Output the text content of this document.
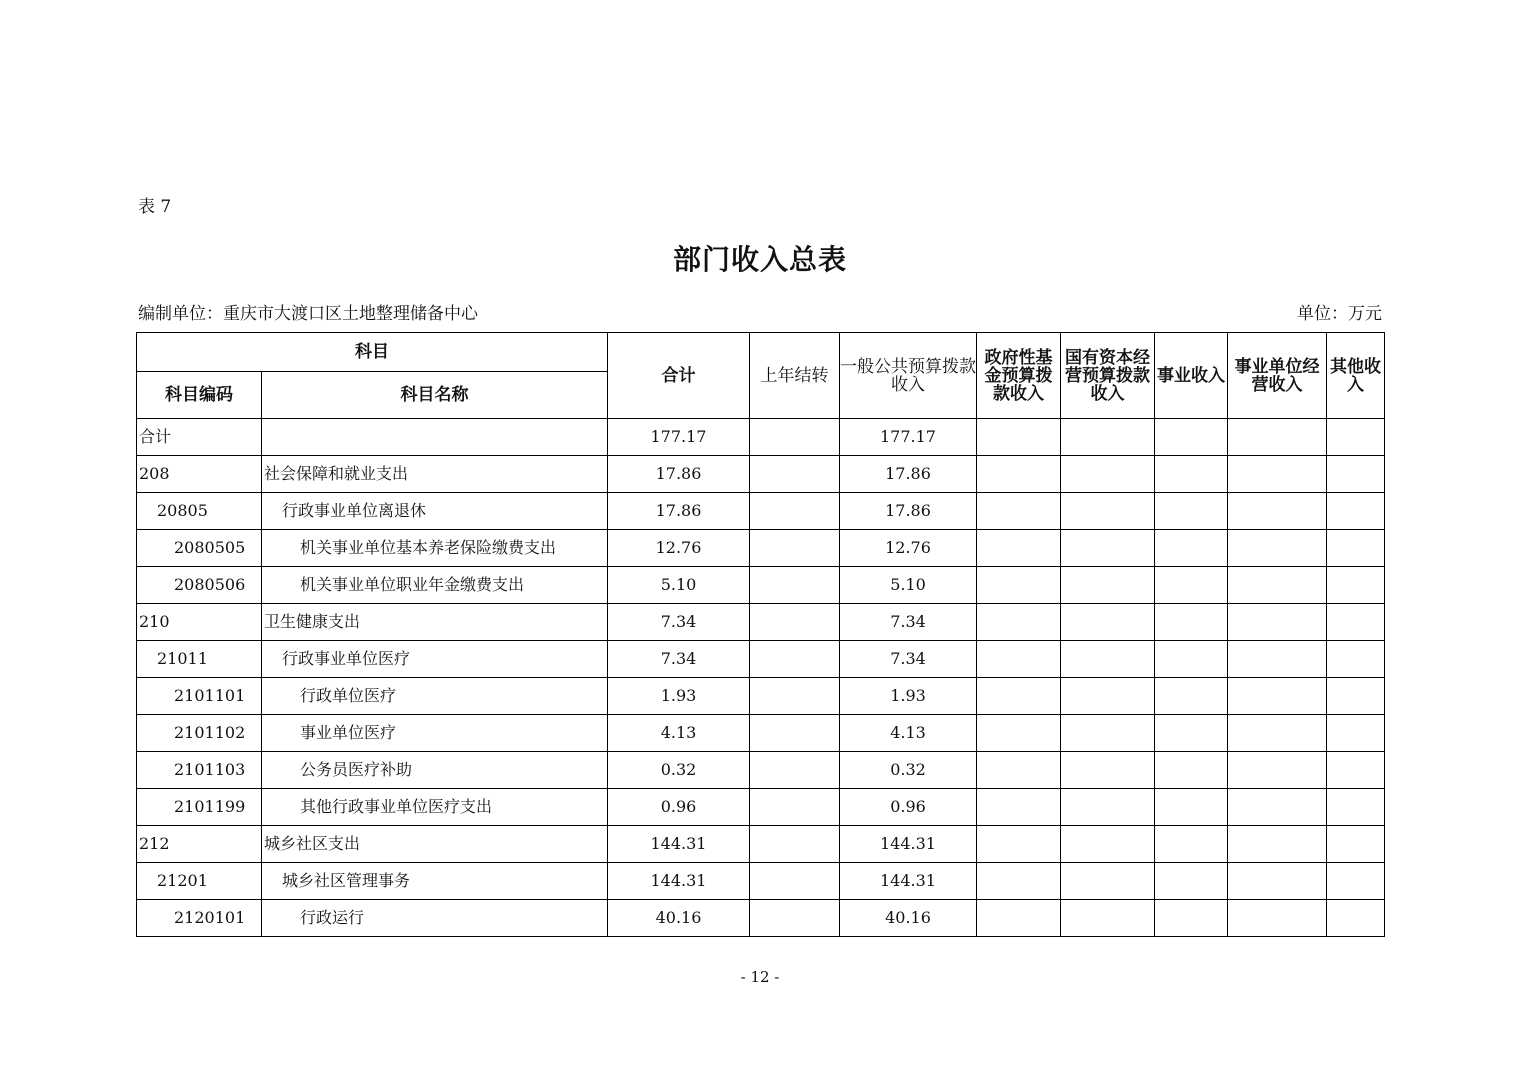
表 7
部门收入总表
编制单位：重庆市大渡口区土地整理储备中心	单位：万元
科目		合计	上年结转	一般公共预算拨款收入	政府性基金预算拨款收入	国有资本经营预算拨款收入	事业收入	事业单位经营收入	其他收入
科目编码	科目名称								
合计		177.17		177.17					
208	社会保障和就业支出	17.86		17.86					
20805	行政事业单位离退休	17.86		17.86					
2080505	机关事业单位基本养老保险缴费支出	12.76		12.76					
2080506	机关事业单位职业年金缴费支出	5.10		5.10					
210	卫生健康支出	7.34		7.34					
21011	行政事业单位医疗	7.34		7.34					
2101101	行政单位医疗	1.93		1.93					
2101102	事业单位医疗	4.13		4.13					
2101103	公务员医疗补助	0.32		0.32					
2101199	其他行政事业单位医疗支出	0.96		0.96					
212	城乡社区支出	144.31		144.31					
21201	城乡社区管理事务	144.31		144.31					
2120101	行政运行	40.16		40.16					
- 12 -
